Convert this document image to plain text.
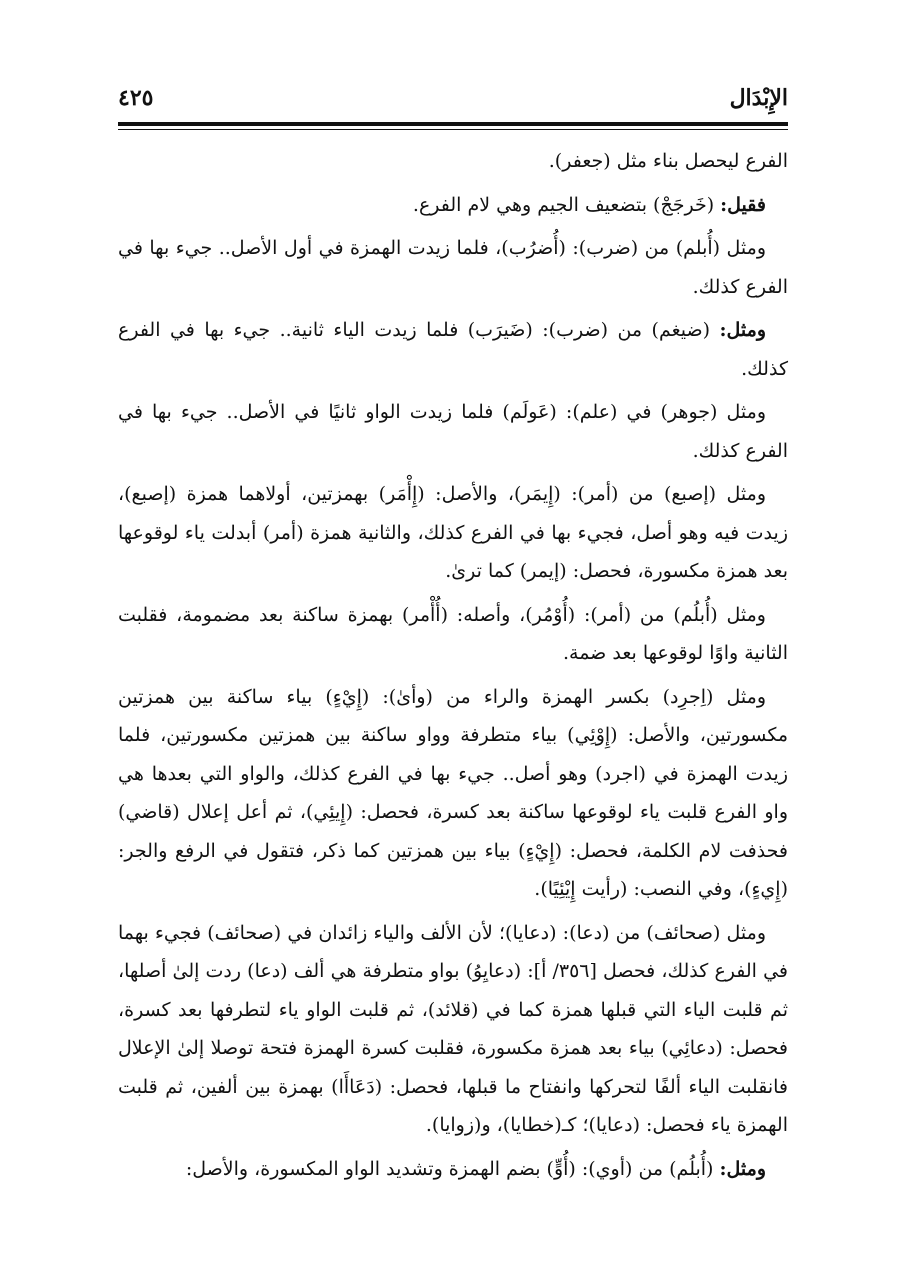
الإِبْدَال
٤٢٥

الفرع ليحصل بناء مثل (جعفر).

فقيل: (خَرجَجْ) بتضعيف الجيم وهي لام الفرع.

ومثل (أُبلم) من (ضرب): (أُضرُب)، فلما زيدت الهمزة في أول الأصل.. جيء بها في الفرع كذلك.

ومثل: (ضيغم) من (ضرب): (ضَيرَب) فلما زيدت الياء ثانية.. جيء بها في الفرع كذلك.

ومثل (جوهر) في (علم): (عَولَم) فلما زيدت الواو ثانيًا في الأصل.. جيء بها في الفرع كذلك.

ومثل (إصبع) من (أمر): (إِيمَر)، والأصل: (إِأْمَر) بهمزتين، أولاهما همزة (إصبع)، زيدت فيه وهو أصل، فجيء بها في الفرع كذلك، والثانية همزة (أمر) أبدلت ياء لوقوعها بعد همزة مكسورة، فحصل: (إيمر) كما ترىٰ.

ومثل (أُبلُم) من (أمر): (أُوْمُر)، وأصله: (أُأْمر) بهمزة ساكنة بعد مضمومة، فقلبت الثانية واوًا لوقوعها بعد ضمة.

ومثل (اِجرِد) بكسر الهمزة والراء من (وأىٰ): (إِيْءٍ) بياء ساكنة بين همزتين مكسورتين، والأصل: (إِوْئِي) بياء متطرفة وواو ساكنة بين همزتين مكسورتين، فلما زيدت الهمزة في (اجرد) وهو أصل.. جيء بها في الفرع كذلك، والواو التي بعدها هي واو الفرع قلبت ياء لوقوعها ساكنة بعد كسرة، فحصل: (إِيئِي)، ثم أعل إعلال (قاضي) فحذفت لام الكلمة، فحصل: (إِيْءٍ) بياء بين همزتين كما ذكر، فتقول في الرفع والجر: (إِيءٍ)، وفي النصب: (رأيت إِيْئِيًا).

ومثل (صحائف) من (دعا): (دعايا)؛ لأن الألف والياء زائدان في (صحائف) فجيء بهما في الفرع كذلك، فحصل [٣٥٦/ أ]: (دعايِوُ) بواو متطرفة هي ألف (دعا) ردت إلىٰ أصلها، ثم قلبت الياء التي قبلها همزة كما في (قلائد)، ثم قلبت الواو ياء لتطرفها بعد كسرة، فحصل: (دعائِي) بياء بعد همزة مكسورة، فقلبت كسرة الهمزة فتحة توصلا إلىٰ الإعلال فانقلبت الياء ألفًا لتحركها وانفتاح ما قبلها، فحصل: (دَعَاأَا) بهمزة بين ألفين، ثم قلبت الهمزة ياء فحصل: (دعايا)؛ كـ(خطايا)، و(زوايا).

ومثل: (أُبلُم) من (أوي): (أُوٍّ) بضم الهمزة وتشديد الواو المكسورة، والأصل:
